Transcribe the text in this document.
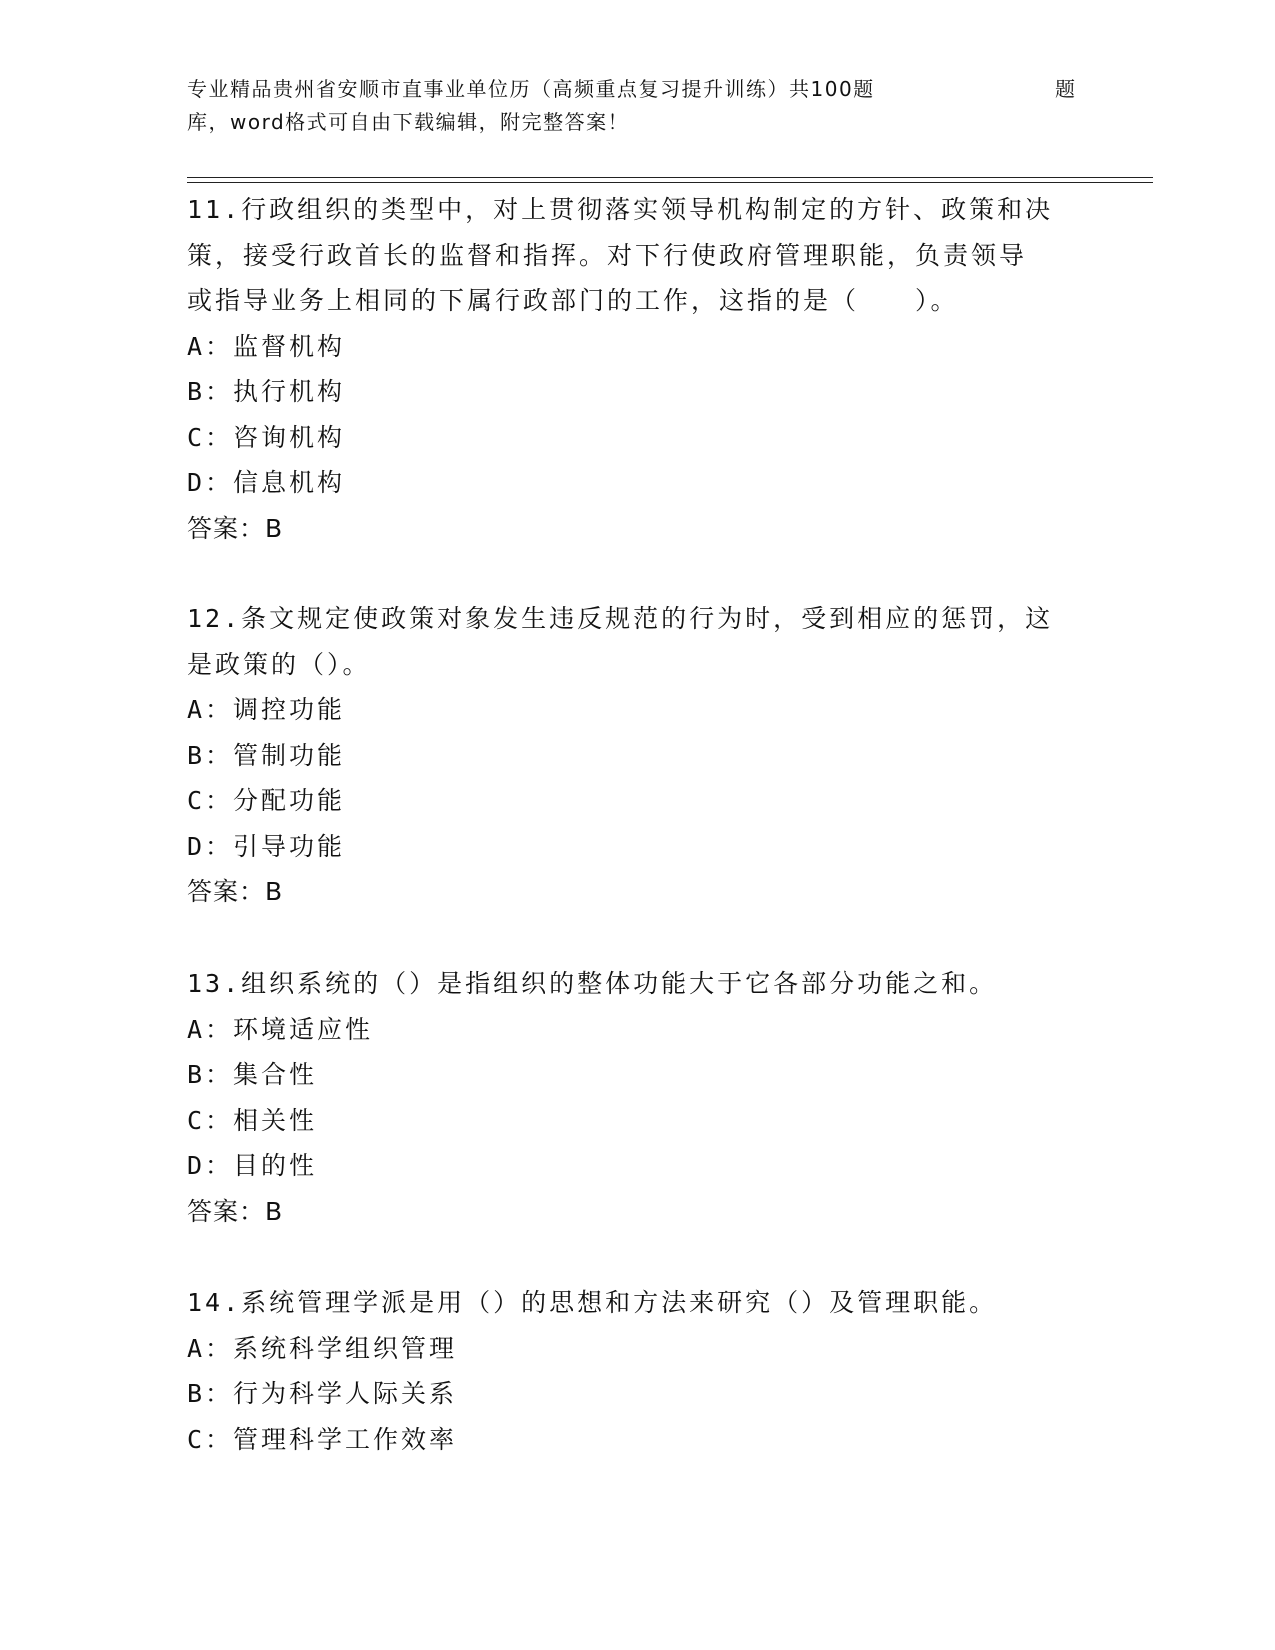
专业精品贵州省安顺市直事业单位历（高频重点复习提升训练）共100题	题
库，word格式可自由下载编辑，附完整答案！
11.行政组织的类型中，对上贯彻落实领导机构制定的方针、政策和决
策，接受行政首长的监督和指挥。对下行使政府管理职能，负责领导
或指导业务上相同的下属行政部门的工作，这指的是（　　）。
A：监督机构
B：执行机构
C：咨询机构
D：信息机构
答案：B
12.条文规定使政策对象发生违反规范的行为时，受到相应的惩罚，这
是政策的（）。
A：调控功能
B：管制功能
C：分配功能
D：引导功能
答案：B
13.组织系统的（）是指组织的整体功能大于它各部分功能之和。
A：环境适应性
B：集合性
C：相关性
D：目的性
答案：B
14.系统管理学派是用（）的思想和方法来研究（）及管理职能。
A：系统科学组织管理
B：行为科学人际关系
C：管理科学工作效率
